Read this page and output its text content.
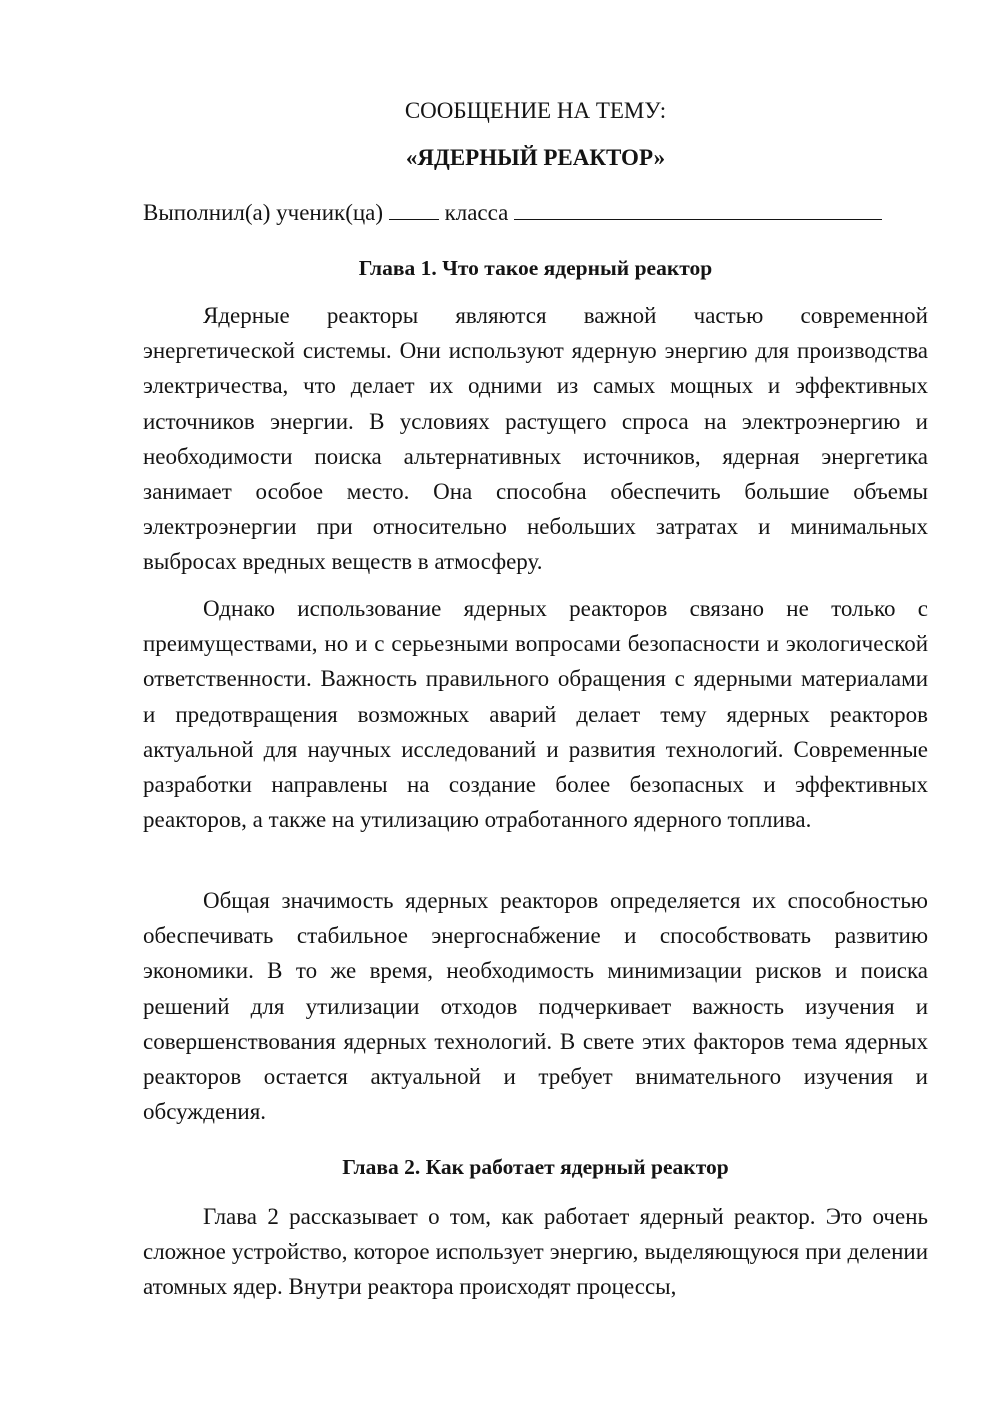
СООБЩЕНИЕ НА ТЕМУ:

«ЯДЕРНЫЙ РЕАКТОР»

Выполнил(а) ученик(ца)	класса
Глава 1. Что такое ядерный реактор

Ядерные реакторы являются важной частью современной энергетической системы. Они используют ядерную энергию для производства электричества, что делает их одними из самых мощных и эффективных источников энергии. В условиях растущего спроса на электроэнергию и необходимости поиска альтернативных источников, ядерная энергетика занимает особое место. Она способна обеспечить большие объемы электроэнергии при относительно небольших затратах и минимальных выбросах вредных веществ в атмосферу.

Однако использование ядерных реакторов связано не только с преимуществами, но и с серьезными вопросами безопасности и экологической ответственности. Важность правильного обращения с ядерными материалами и предотвращения возможных аварий делает тему ядерных реакторов актуальной для научных исследований и развития технологий. Современные разработки направлены на создание более безопасных и эффективных реакторов, а также на утилизацию отработанного ядерного топлива.

Общая значимость ядерных реакторов определяется их способностью обеспечивать стабильное энергоснабжение и способствовать развитию экономики. В то же время, необходимость минимизации рисков и поиска решений для утилизации отходов подчеркивает важность изучения и совершенствования ядерных технологий. В свете этих факторов тема ядерных реакторов остается актуальной и требует внимательного изучения и обсуждения.

Глава 2. Как работает ядерный реактор

Глава 2 рассказывает о том, как работает ядерный реактор. Это очень сложное устройство, которое использует энергию, выделяющуюся при делении атомных ядер. Внутри реактора происходят процессы,
